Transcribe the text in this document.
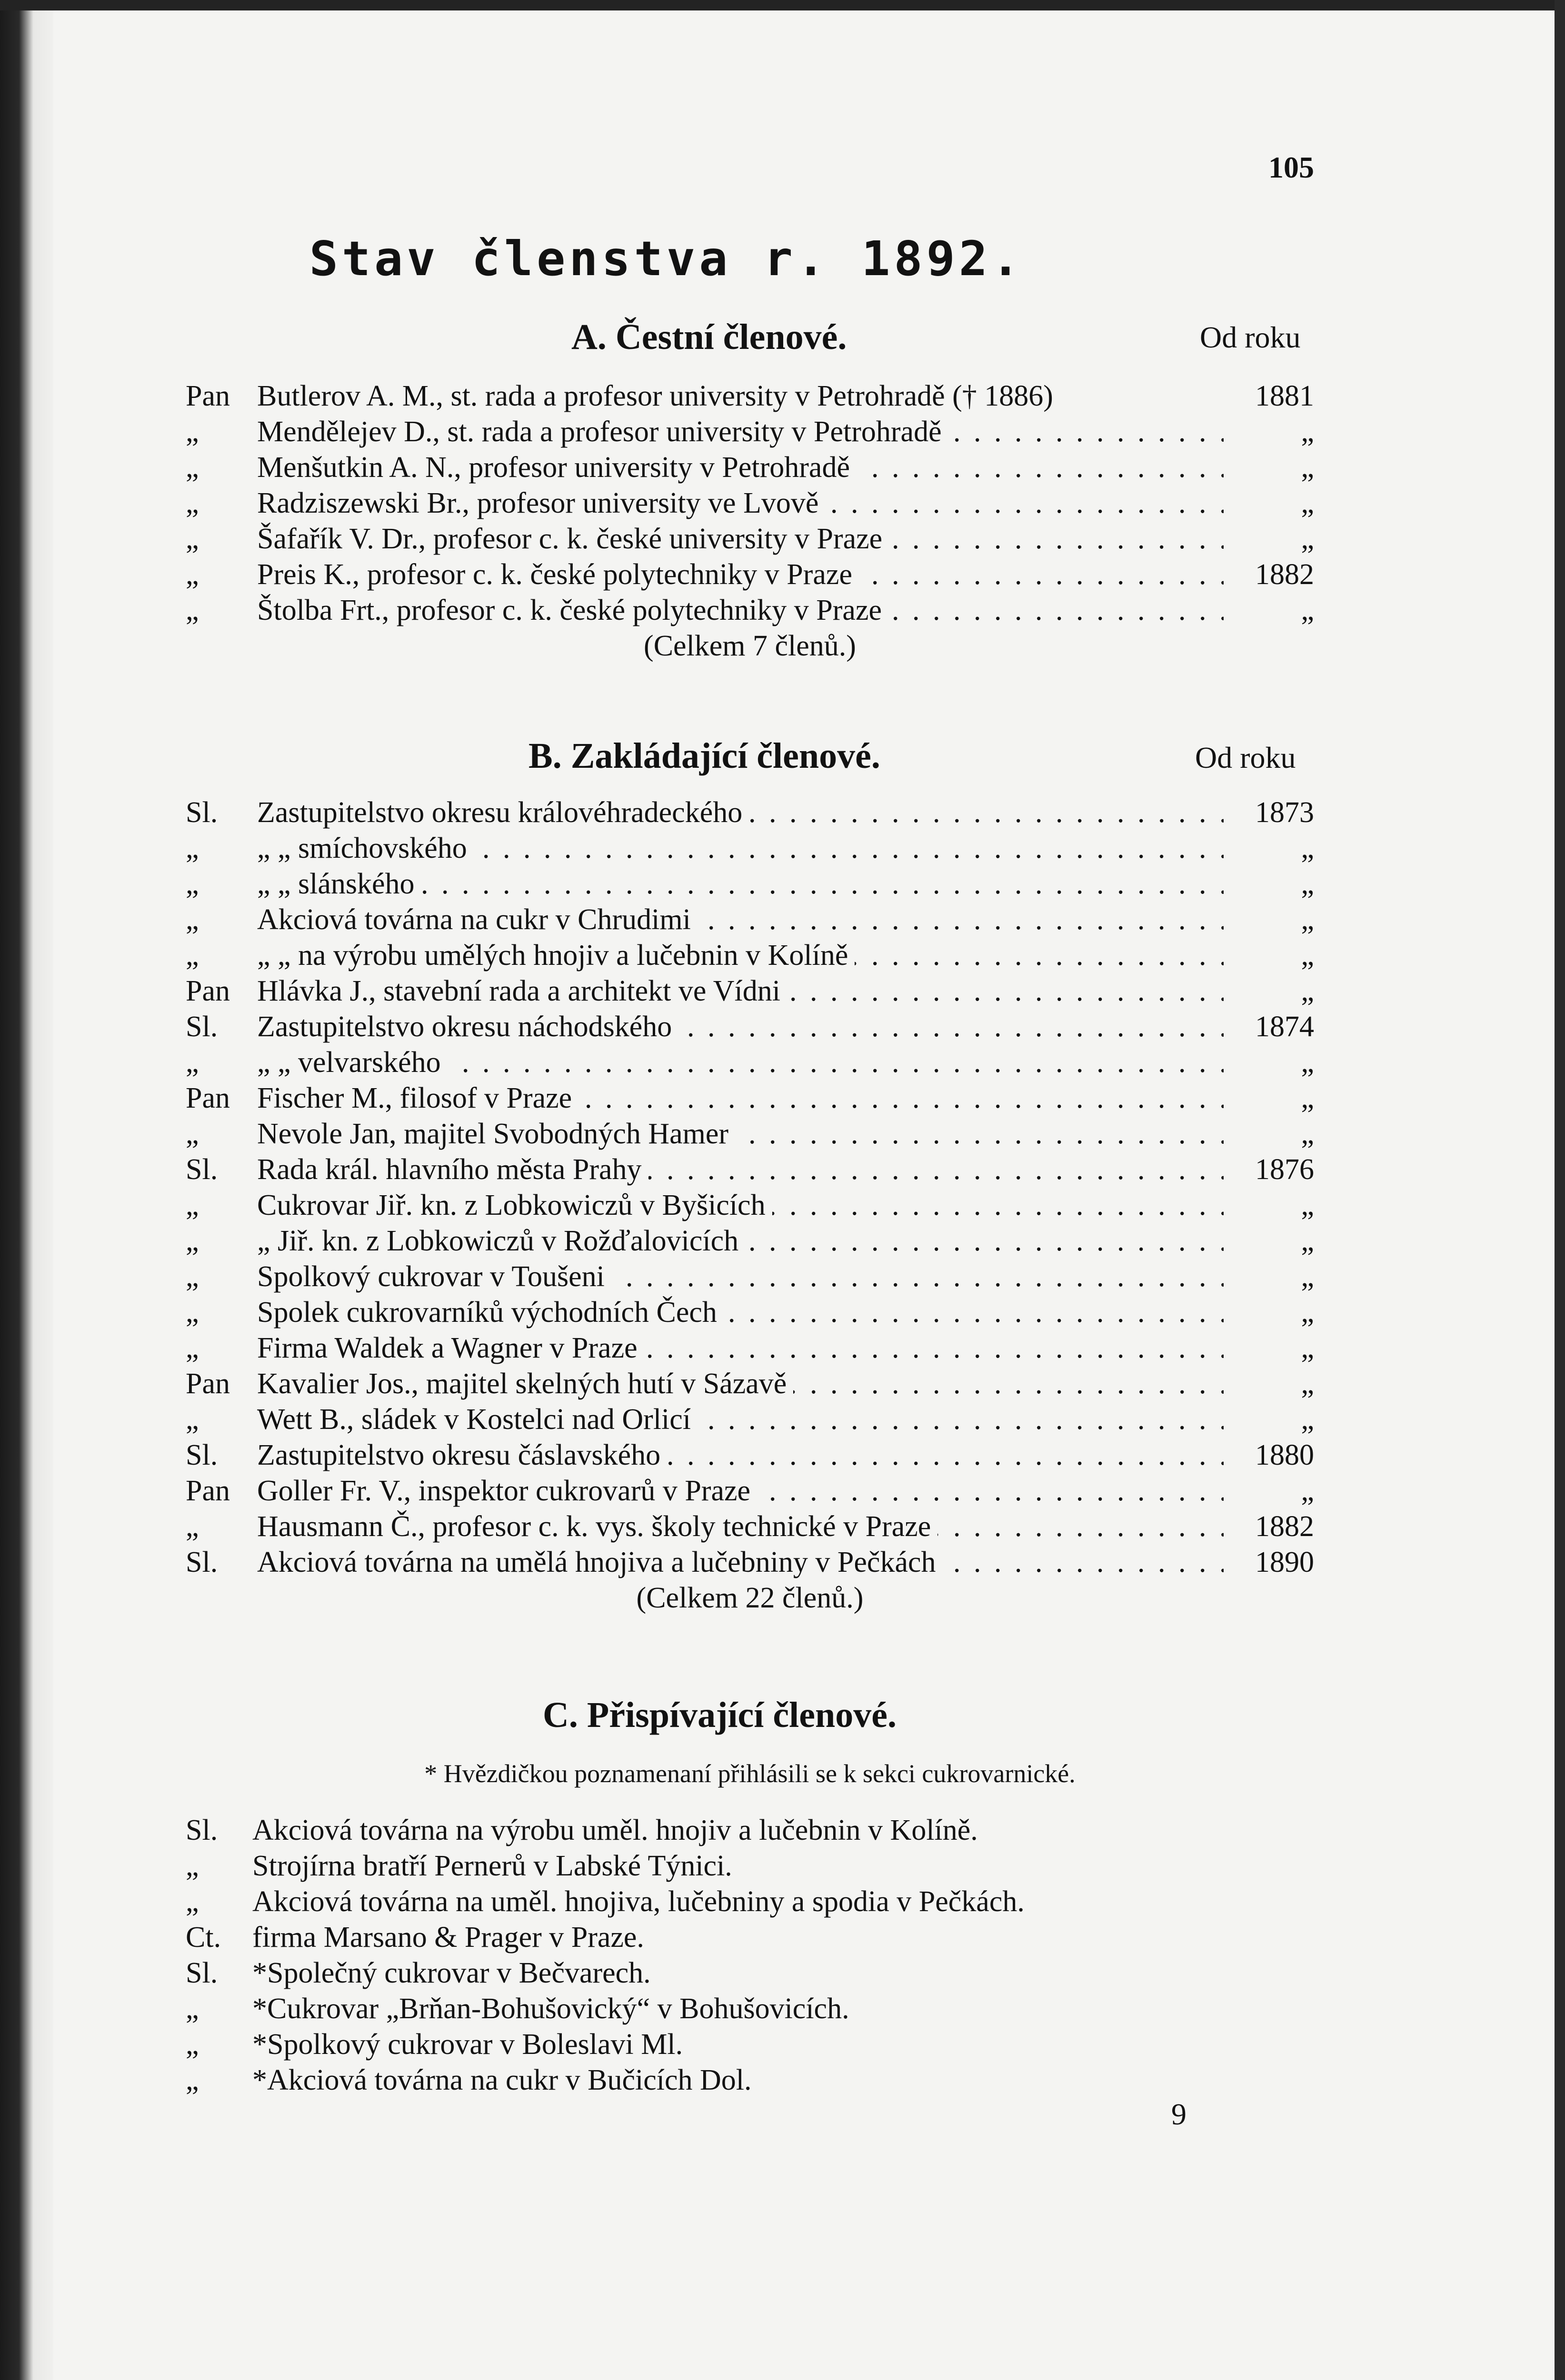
105
Stav členstva r. 1892.
A. Čestní členové.	Od roku
Pan Butlerov A. M., st. rada a profesor university v Petrohradě († 1886)	1881
„	Mendělejev D., st. rada a profesor university v Petrohradě . . .	„
„	Menšutkin A. N., profesor university v Petrohradě . . .	„
„	Radziszewski Br., profesor university ve Lvově . . .	„
„	Šafařík V. Dr., profesor c. k. české university v Praze . . .	„
„	Preis K., profesor c. k. české polytechniky v Praze . . .	1882
„	Štolba Frt., profesor c. k. české polytechniky v Praze . . .	„
(Celkem 7 členů.)
B. Zakládající členové.	Od roku
Sl.	Zastupitelstvo okresu královéhradeckého . . .	1873
„	„ „ smíchovského . . .	„
„	„ „ slánského . . .	„
„	Akciová továrna na cukr v Chrudimi . . .	„
„	„ „ na výrobu umělých hnojiv a lučebnin v Kolíně . . .	„
Pan Hlávka J., stavební rada a architekt ve Vídni . . .	„
Sl.	Zastupitelstvo okresu náchodského . . .	1874
„	„ „ velvarského . . .	„
Pan Fischer M., filosof v Praze . . .	„
„	Nevole Jan, majitel Svobodných Hamer . . .	„
Sl.	Rada král. hlavního města Prahy . . .	1876
„	Cukrovar Jiř. kn. z Lobkowiczů v Byšicích . . .	„
„	„ Jiř. kn. z Lobkowiczů v Rožďalovicích . . .	„
„	Spolkový cukrovar v Toušeni . . .	„
„	Spolek cukrovarníků východních Čech . . .	„
„	Firma Waldek a Wagner v Praze . . .	„
Pan Kavalier Jos., majitel skelných hutí v Sázavě . . .	„
„	Wett B., sládek v Kostelci nad Orlicí . . .	„
Sl.	Zastupitelstvo okresu čáslavského . . .	1880
Pan Goller Fr. V., inspektor cukrovarů v Praze . . .	„
„	Hausmann Č., profesor c. k. vys. školy technické v Praze . . .	1882
Sl.	Akciová továrna na umělá hnojiva a lučebniny v Pečkách . . .	1890
(Celkem 22 členů.)
C. Přispívající členové.
* Hvězdičkou poznamenaní přihlásili se k sekci cukrovarnické.
Sl.	Akciová továrna na výrobu uměl. hnojiv a lučebnin v Kolíně.
„	Strojírna bratří Pernerů v Labské Týnici.
„	Akciová továrna na uměl. hnojiva, lučebniny a spodia v Pečkách.
Ct.	firma Marsano & Prager v Praze.
Sl.	*Společný cukrovar v Bečvarech.
„	*Cukrovar „Brňan-Bohušovický“ v Bohušovicích.
„	*Spolkový cukrovar v Boleslavi Ml.
„	*Akciová továrna na cukr v Bučicích Dol.
9
